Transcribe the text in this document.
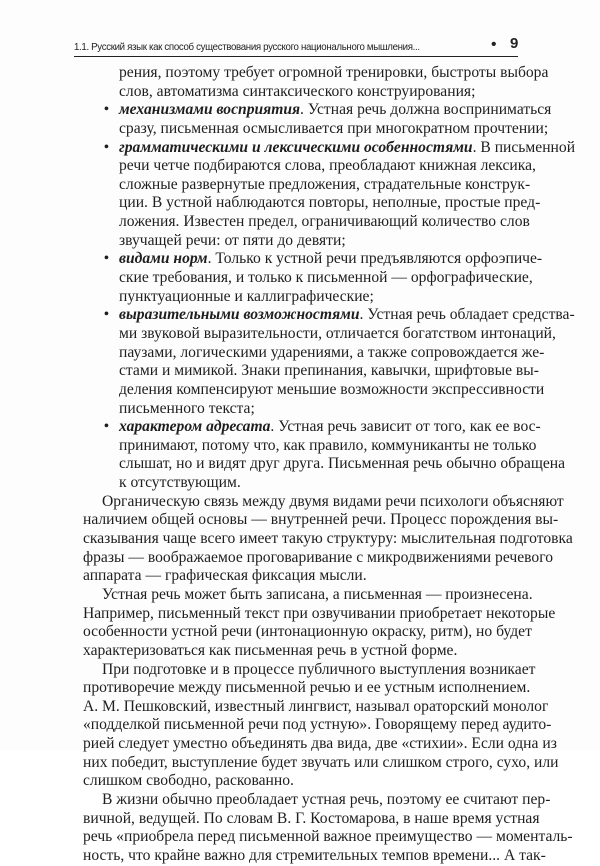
1.1. Русский язык как способ существования русского национального мышления...	• 9
рения, поэтому требует огромной тренировки, быстроты выбора
слов, автоматизма синтаксического конструирования;
• механизмами восприятия. Устная речь должна восприниматься
сразу, письменная осмысливается при многократном прочтении;
• грамматическими и лексическими особенностями. В письменной
речи четче подбираются слова, преобладают книжная лексика,
сложные развернутые предложения, страдательные конструк-
ции. В устной наблюдаются повторы, неполные, простые пред-
ложения. Известен предел, ограничивающий количество слов
звучащей речи: от пяти до девяти;
• видами норм. Только к устной речи предъявляются орфоэпиче-
ские требования, и только к письменной — орфографические,
пунктуационные и каллиграфические;
• выразительными возможностями. Устная речь обладает средства-
ми звуковой выразительности, отличается богатством интонаций,
паузами, логическими ударениями, а также сопровождается же-
стами и мимикой. Знаки препинания, кавычки, шрифтовые вы-
деления компенсируют меньшие возможности экспрессивности
письменного текста;
• характером адресата. Устная речь зависит от того, как ее вос-
принимают, потому что, как правило, коммуниканты не только
слышат, но и видят друг друга. Письменная речь обычно обращена
к отсутствующим.
Органическую связь между двумя видами речи психологи объясняют
наличием общей основы — внутренней речи. Процесс порождения вы-
сказывания чаще всего имеет такую структуру: мыслительная подготовка
фразы — воображаемое проговаривание с микродвижениями речевого
аппарата — графическая фиксация мысли.
Устная речь может быть записана, а письменная — произнесена.
Например, письменный текст при озвучивании приобретает некоторые
особенности устной речи (интонационную окраску, ритм), но будет
характеризоваться как письменная речь в устной форме.
При подготовке и в процессе публичного выступления возникает
противоречие между письменной речью и ее устным исполнением.
А. М. Пешковский, известный лингвист, называл ораторский монолог
«подделкой письменной речи под устную». Говорящему перед аудито-
рией следует уместно объединять два вида, две «стихии». Если одна из
них победит, выступление будет звучать или слишком строго, сухо, или
слишком свободно, раскованно.
В жизни обычно преобладает устная речь, поэтому ее считают пер-
вичной, ведущей. По словам В. Г. Костомарова, в наше время устная
речь «приобрела перед письменной важное преимущество — моменталь-
ность, что крайне важно для стремительных темпов времени... А так-
